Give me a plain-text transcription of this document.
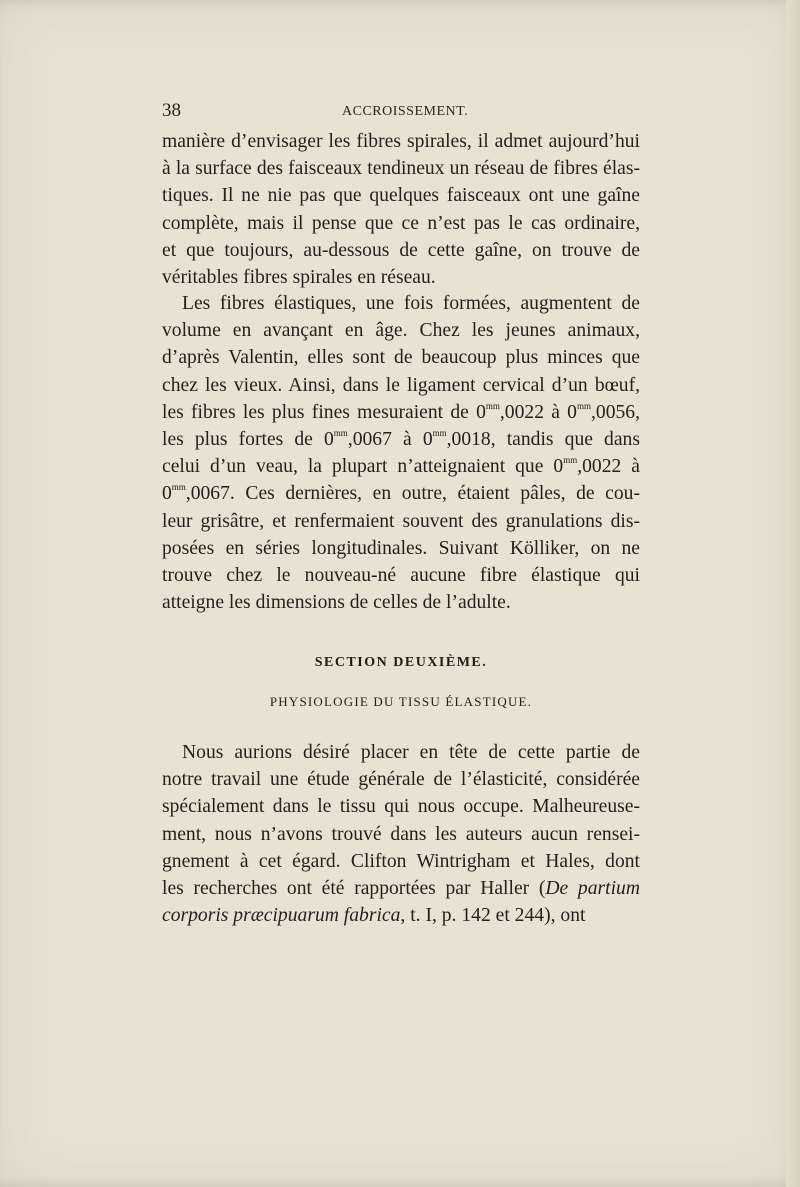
38	ACCROISSEMENT.
manière d’envisager les fibres spirales, il admet aujourd’hui
à la surface des faisceaux tendineux un réseau de fibres élas-
tiques. Il ne nie pas que quelques faisceaux ont une gaîne
complète, mais il pense que ce n’est pas le cas ordinaire,
et que toujours, au-dessous de cette gaîne, on trouve de
véritables fibres spirales en réseau.
Les fibres élastiques, une fois formées, augmentent de
volume en avançant en âge. Chez les jeunes animaux,
d’après Valentin, elles sont de beaucoup plus minces que
chez les vieux. Ainsi, dans le ligament cervical d’un bœuf,
les fibres les plus fines mesuraient de $0^{mm},0022$ à $0^{mm},0056$,
les plus fortes de $0^{mm},0067$ à $0^{mm},0018$, tandis que dans
celui d’un veau, la plupart n’atteignaient que $0^{mm},0022$ à
$0^{mm},0067$. Ces dernières, en outre, étaient pâles, de cou-
leur grisâtre, et renfermaient souvent des granulations dis-
posées en séries longitudinales. Suivant Kölliker, on ne
trouve chez le nouveau-né aucune fibre élastique qui
atteigne les dimensions de celles de l’adulte.
SECTION DEUXIÈME.
PHYSIOLOGIE DU TISSU ÉLASTIQUE.
Nous aurions désiré placer en tête de cette partie de
notre travail une étude générale de l’élasticité, considérée
spécialement dans le tissu qui nous occupe. Malheureuse-
ment, nous n’avons trouvé dans les auteurs aucun rensei-
gnement à cet égard. Clifton Wintrigham et Hales, dont
les recherches ont été rapportées par Haller (De partium
corporis præcipuarum fabrica, t. I, p. 142 et 244), ont
